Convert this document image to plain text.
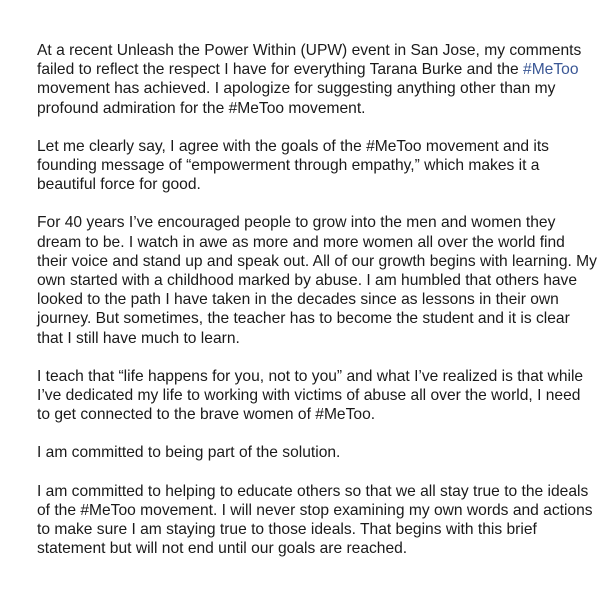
At a recent Unleash the Power Within (UPW) event in San Jose, my comments failed to reflect the respect I have for everything Tarana Burke and the #MeToo movement has achieved. I apologize for suggesting anything other than my profound admiration for the #MeToo movement.

Let me clearly say, I agree with the goals of the #MeToo movement and its founding message of “empowerment through empathy,” which makes it a beautiful force for good.

For 40 years I’ve encouraged people to grow into the men and women they dream to be. I watch in awe as more and more women all over the world find their voice and stand up and speak out. All of our growth begins with learning. My own started with a childhood marked by abuse. I am humbled that others have looked to the path I have taken in the decades since as lessons in their own journey. But sometimes, the teacher has to become the student and it is clear that I still have much to learn.

I teach that “life happens for you, not to you” and what I’ve realized is that while I’ve dedicated my life to working with victims of abuse all over the world, I need to get connected to the brave women of #MeToo.

I am committed to being part of the solution.

I am committed to helping to educate others so that we all stay true to the ideals of the #MeToo movement. I will never stop examining my own words and actions to make sure I am staying true to those ideals. That begins with this brief statement but will not end until our goals are reached.
